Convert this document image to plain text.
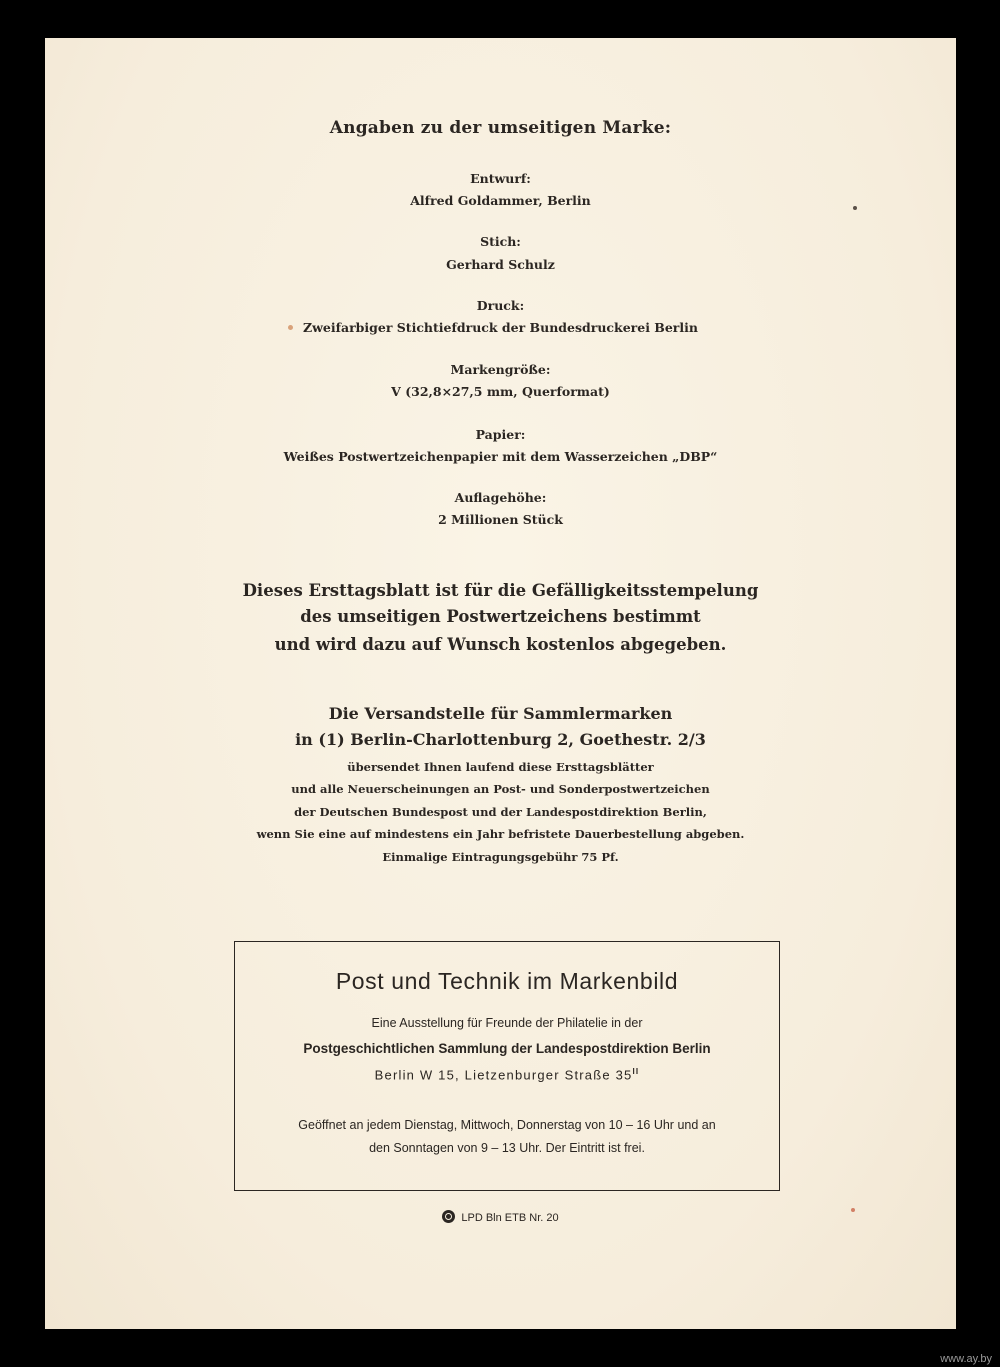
Angaben zu der umseitigen Marke:
Entwurf:
Alfred Goldammer, Berlin
Stich:
Gerhard Schulz
Druck:
Zweifarbiger Stichtiefdruck der Bundesdruckerei Berlin
Markengröße:
V (32,8×27,5 mm, Querformat)
Papier:
Weißes Postwertzeichenpapier mit dem Wasserzeichen „DBP“
Auflagehöhe:
2 Millionen Stück
Dieses Ersttagsblatt ist für die Gefälligkeitsstempelung
des umseitigen Postwertzeichens bestimmt
und wird dazu auf Wunsch kostenlos abgegeben.
Die Versandstelle für Sammlermarken
in (1) Berlin-Charlottenburg 2, Goethestr. 2/3
übersendet Ihnen laufend diese Ersttagsblätter
und alle Neuerscheinungen an Post- und Sonderpostwertzeichen
der Deutschen Bundespost und der Landespostdirektion Berlin,
wenn Sie eine auf mindestens ein Jahr befristete Dauerbestellung abgeben.
Einmalige Eintragungsgebühr 75 Pf.
Post und Technik im Markenbild
Eine Ausstellung für Freunde der Philatelie in der
Postgeschichtlichen Sammlung der Landespostdirektion Berlin
Berlin W 15, Lietzenburger Straße $35^{II}$
Geöffnet an jedem Dienstag, Mittwoch, Donnerstag von 10 – 16 Uhr und an
den Sonntagen von 9 – 13 Uhr. Der Eintritt ist frei.
LPD Bln ETB Nr. 20
www.ay.by
